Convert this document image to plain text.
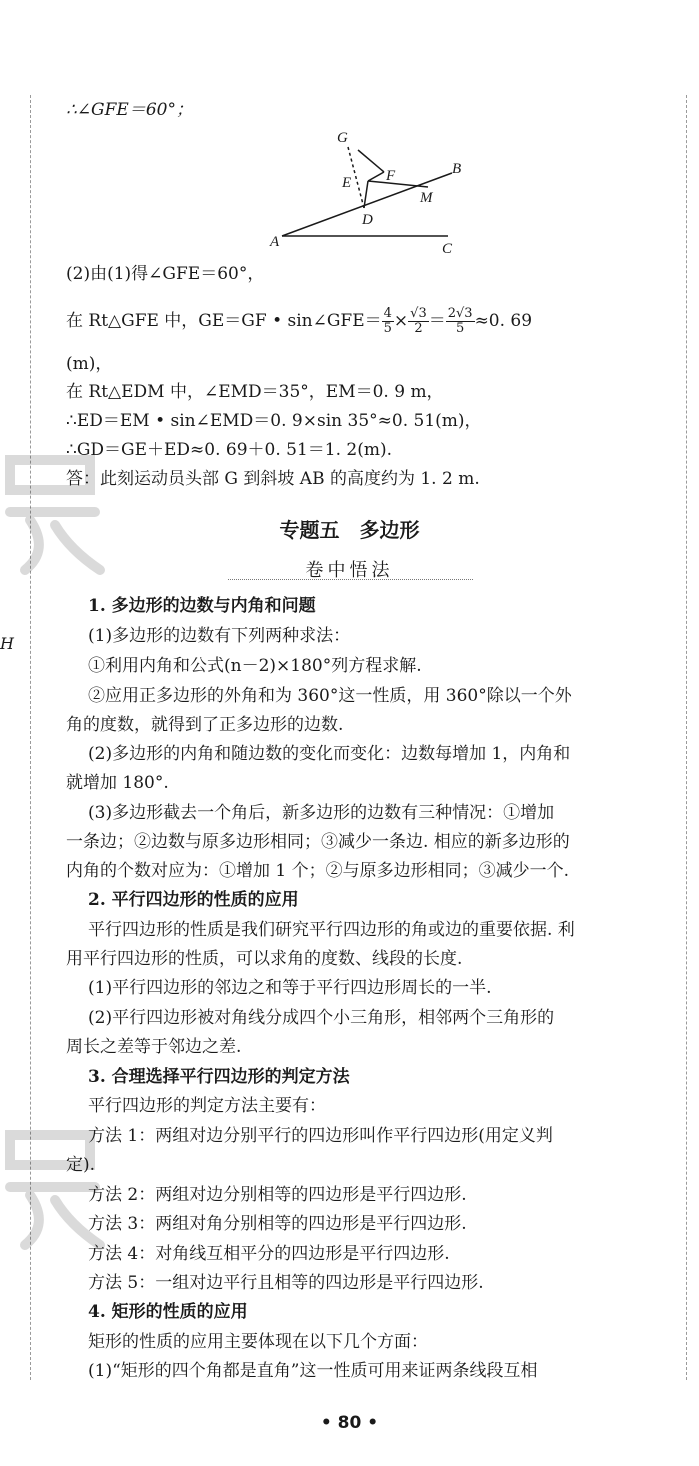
H
∴∠GFE＝60°；
G
E F	B
M
D
A	C
(2)由(1)得∠GFE＝60°，
在 Rt△GFE 中，GE＝GF • sin∠GFE＝ $\frac{4}{5} \times \frac{√3}{2} = \frac{2√3}{5} \approx 0$. 69
(m)，
在 Rt△EDM 中，∠EMD＝35°，EM＝0. 9 m，
∴ED＝EM • sin∠EMD＝0. 9×sin 35°≈0. 51(m)，
∴GD＝GE＋ED≈0. 69＋0. 51＝1. 2(m).
答：此刻运动员头部 G 到斜坡 AB 的高度约为 1. 2 m.
专题五　多边形
卷中悟法
1. 多边形的边数与内角和问题
(1)多边形的边数有下列两种求法：
①利用内角和公式(n－2)×180°列方程求解.
②应用正多边形的外角和为 360°这一性质，用 360°除以一个外
角的度数，就得到了正多边形的边数.
(2)多边形的内角和随边数的变化而变化：边数每增加 1，内角和
就增加 180°.
(3)多边形截去一个角后，新多边形的边数有三种情况：①增加
一条边；②边数与原多边形相同；③减少一条边. 相应的新多边形的
内角的个数对应为：①增加 1 个；②与原多边形相同；③减少一个.
2. 平行四边形的性质的应用
平行四边形的性质是我们研究平行四边形的角或边的重要依据. 利
用平行四边形的性质，可以求角的度数、线段的长度.
(1)平行四边形的邻边之和等于平行四边形周长的一半.
(2)平行四边形被对角线分成四个小三角形，相邻两个三角形的
周长之差等于邻边之差.
3. 合理选择平行四边形的判定方法
平行四边形的判定方法主要有：
方法 1：两组对边分别平行的四边形叫作平行四边形(用定义判
定).
方法 2：两组对边分别相等的四边形是平行四边形.
方法 3：两组对角分别相等的四边形是平行四边形.
方法 4：对角线互相平分的四边形是平行四边形.
方法 5：一组对边平行且相等的四边形是平行四边形.
4. 矩形的性质的应用
矩形的性质的应用主要体现在以下几个方面：
(1)“矩形的四个角都是直角”这一性质可用来证两条线段互相
• 80 •
